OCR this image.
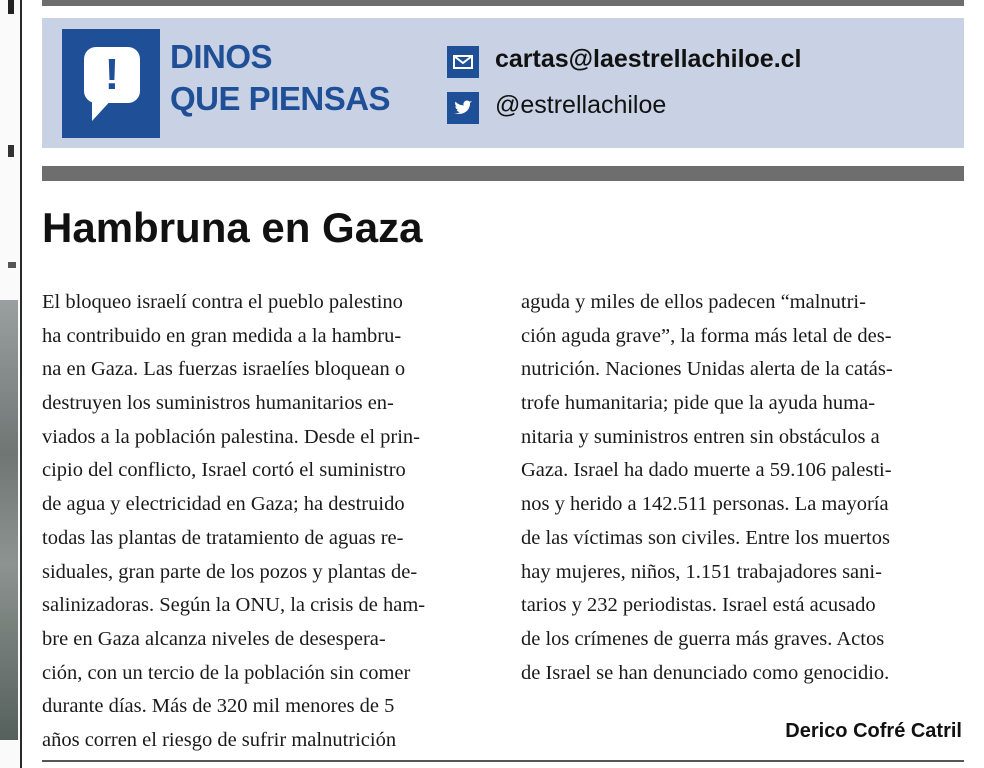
!	DINOS
QUE PIENSAS
cartas@laestrellachiloe.cl
@estrellachiloe
Hambruna en Gaza
El bloqueo israelí contra el pueblo palestino
ha contribuido en gran medida a la hambru-
na en Gaza. Las fuerzas israelíes bloquean o
destruyen los suministros humanitarios en-
viados a la población palestina. Desde el prin-
cipio del conflicto, Israel cortó el suministro
de agua y electricidad en Gaza; ha destruido
todas las plantas de tratamiento de aguas re-
siduales, gran parte de los pozos y plantas de-
salinizadoras. Según la ONU, la crisis de ham-
bre en Gaza alcanza niveles de desespera-
ción, con un tercio de la población sin comer
durante días. Más de 320 mil menores de 5
años corren el riesgo de sufrir malnutrición
aguda y miles de ellos padecen “malnutri-
ción aguda grave”, la forma más letal de des-
nutrición. Naciones Unidas alerta de la catás-
trofe humanitaria; pide que la ayuda huma-
nitaria y suministros entren sin obstáculos a
Gaza. Israel ha dado muerte a 59.106 palesti-
nos y herido a 142.511 personas. La mayoría
de las víctimas son civiles. Entre los muertos
hay mujeres, niños, 1.151 trabajadores sani-
tarios y 232 periodistas. Israel está acusado
de los crímenes de guerra más graves. Actos
de Israel se han denunciado como genocidio.
Derico Cofré Catril
